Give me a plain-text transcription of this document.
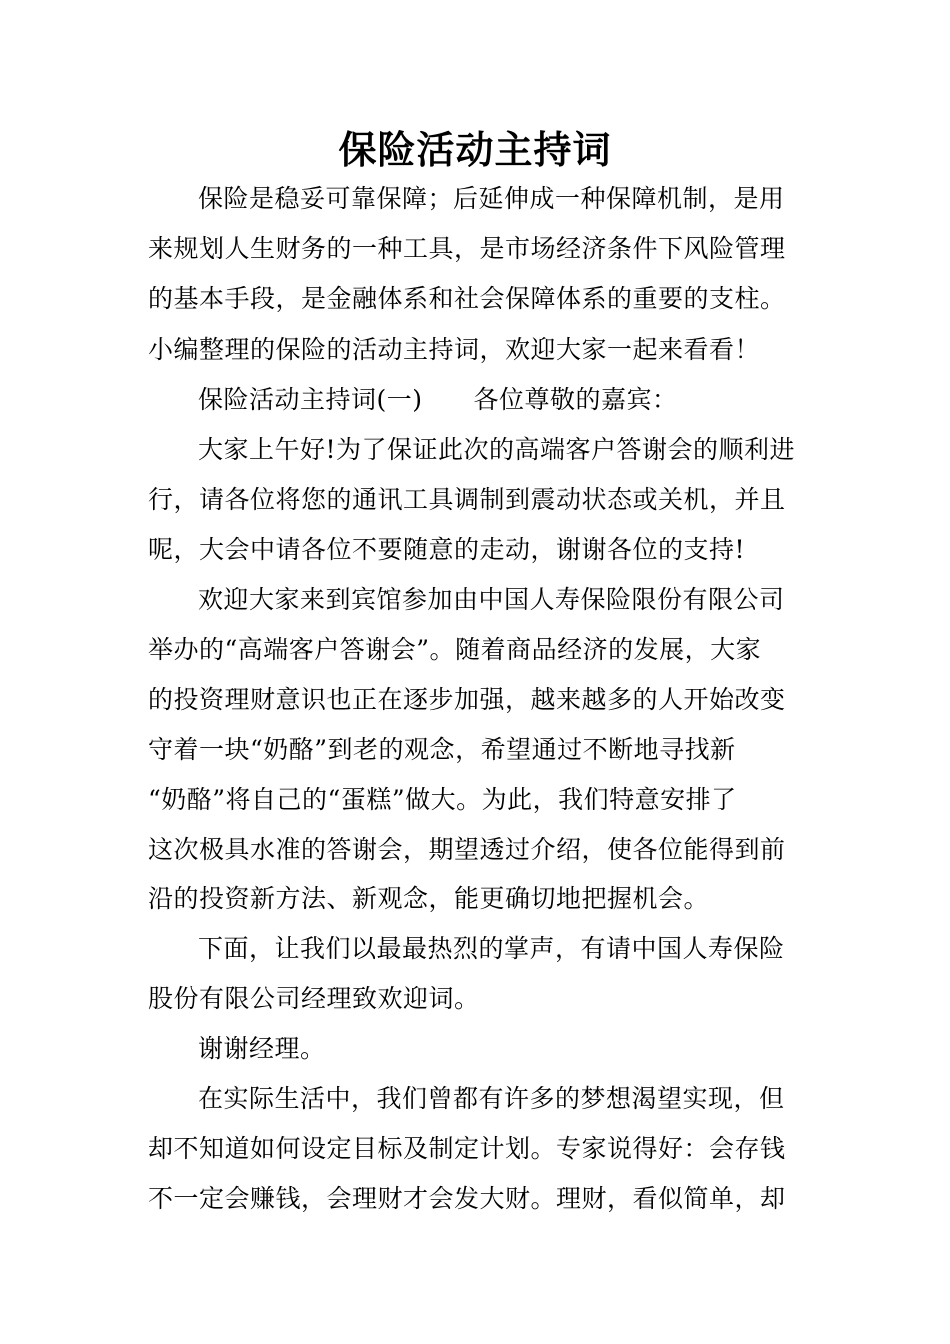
保险活动主持词
保险是稳妥可靠保障；后延伸成一种保障机制，是用
来规划人生财务的一种工具，是市场经济条件下风险管理
的基本手段，是金融体系和社会保障体系的重要的支柱。
小编整理的保险的活动主持词，欢迎大家一起来看看！
保险活动主持词(一)　　各位尊敬的嘉宾：
大家上午好!为了保证此次的高端客户答谢会的顺利进
行，请各位将您的通讯工具调制到震动状态或关机，并且
呢，大会中请各位不要随意的走动，谢谢各位的支持!
欢迎大家来到宾馆参加由中国人寿保险限份有限公司
举办的“高端客户答谢会”。随着商品经济的发展，大家
的投资理财意识也正在逐步加强，越来越多的人开始改变
守着一块“奶酪”到老的观念，希望通过不断地寻找新
“奶酪”将自己的“蛋糕”做大。为此，我们特意安排了
这次极具水准的答谢会，期望透过介绍，使各位能得到前
沿的投资新方法、新观念，能更确切地把握机会。
下面，让我们以最最热烈的掌声，有请中国人寿保险
股份有限公司经理致欢迎词。
谢谢经理。
在实际生活中，我们曾都有许多的梦想渴望实现，但
却不知道如何设定目标及制定计划。专家说得好：会存钱
不一定会赚钱，会理财才会发大财。理财，看似简单，却
